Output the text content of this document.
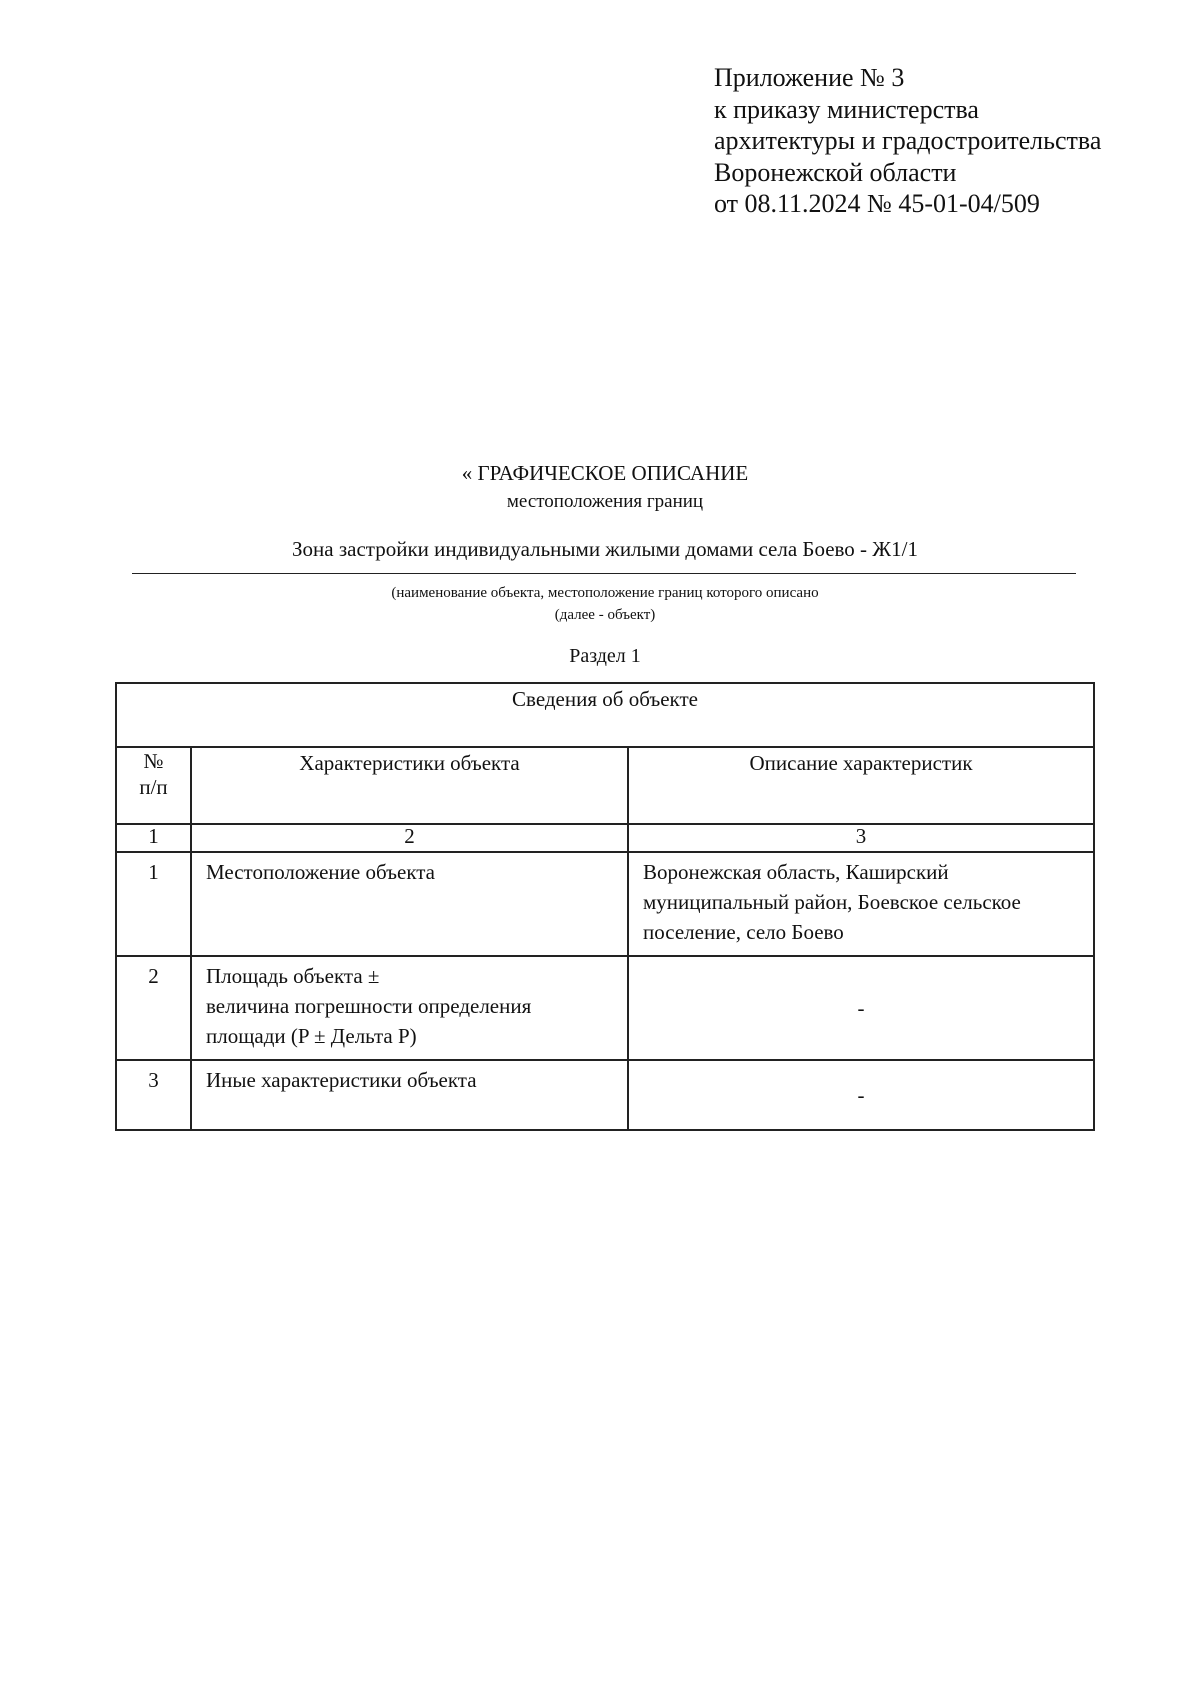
Приложение № 3
к приказу министерства
архитектуры и градостроительства
Воронежской области
от 08.11.2024 № 45-01-04/509
« ГРАФИЧЕСКОЕ ОПИСАНИЕ
местоположения границ
Зона застройки индивидуальными жилыми домами села Боево - Ж1/1
(наименование объекта, местоположение границ которого описано
(далее - объект)
Раздел 1
Сведения об объекте		

№
п/п	Характеристики объекта	Описание характеристик
1	2	3
1	Местоположение объекта	Воронежская область, Каширский
муниципальный район, Боевское сельское
поселение, село Боево

2	Площадь объекта ±
величина погрешности определения
площади (P ± Дельта P)	-

3	Иные характеристики объекта	-
